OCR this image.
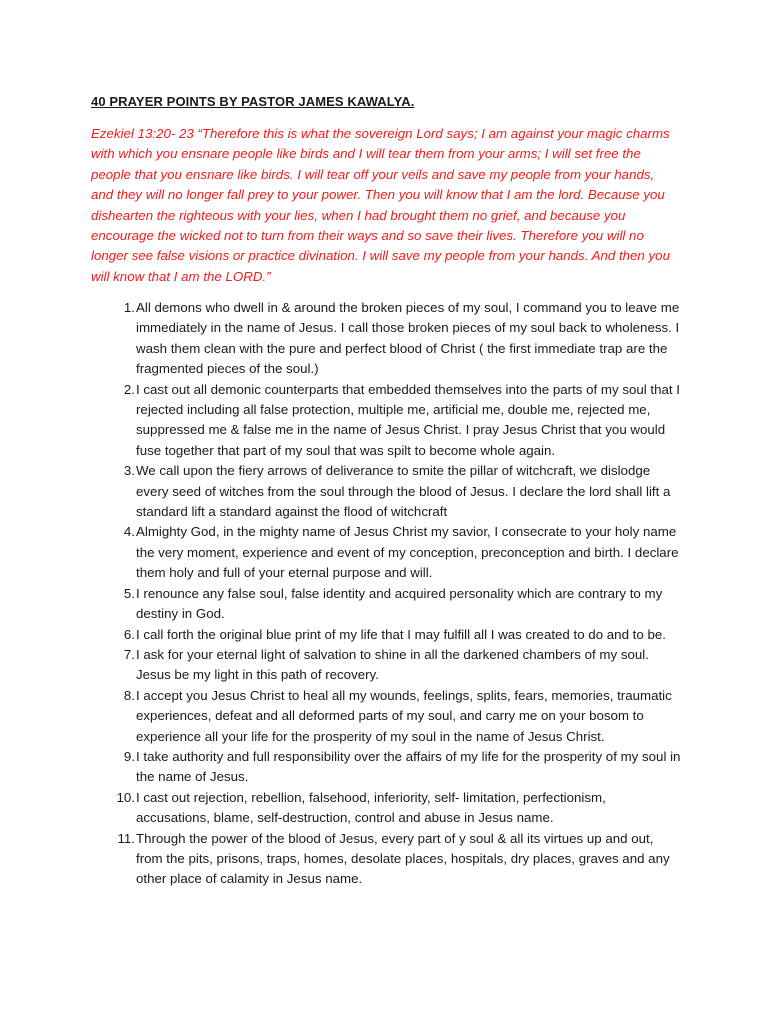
40 PRAYER POINTS BY PASTOR JAMES KAWALYA.
Ezekiel 13:20- 23 “Therefore this is what the sovereign Lord says; I am against your magic charms with which you ensnare people like birds and I will tear them from your arms; I will set free the people that you ensnare like birds. I will tear off your veils and save my people from your hands, and they will no longer fall prey to your power. Then you will know that I am the lord. Because you dishearten the righteous with your lies, when I had brought them no grief, and because you encourage the wicked not to turn from their ways and so save their lives. Therefore you will no longer see false visions or practice divination. I will save my people from your hands. And then you will know that I am the LORD.”
1. All demons who dwell in & around the broken pieces of my soul, I command you to leave me immediately in the name of Jesus. I call those broken pieces of my soul back to wholeness. I wash them clean with the pure and perfect blood of Christ ( the first immediate trap are the fragmented pieces of the soul.)
2. I cast out all demonic counterparts that embedded themselves into the parts of my soul that I rejected including all false protection, multiple me, artificial me, double me, rejected me, suppressed me & false me in the name of Jesus Christ. I pray Jesus Christ that you would fuse together that part of my soul that was spilt to become whole again.
3. We call upon the fiery arrows of deliverance to smite the pillar of witchcraft, we dislodge every seed of witches from the soul through the blood of Jesus. I declare the lord shall lift a standard lift a standard against the flood of witchcraft
4. Almighty God, in the mighty name of Jesus Christ my savior, I consecrate to your holy name the very moment, experience and event of my conception, preconception and birth. I declare them holy and full of your eternal purpose and will.
5. I renounce any false soul, false identity and acquired personality which are contrary to my destiny in God.
6. I call forth the original blue print of my life that I may fulfill all I was created to do and to be.
7. I ask for your eternal light of salvation to shine in all the darkened chambers of my soul. Jesus be my light in this path of recovery.
8. I accept you Jesus Christ to heal all my wounds, feelings, splits, fears, memories, traumatic experiences, defeat and all deformed parts of my soul, and carry me on your bosom to experience all your life for the prosperity of my soul in the name of Jesus Christ.
9. I take authority and full responsibility over the affairs of my life for the prosperity of my soul in the name of Jesus.
10. I cast out rejection, rebellion, falsehood, inferiority, self- limitation, perfectionism, accusations, blame, self-destruction, control and abuse in Jesus name.
11. Through the power of the blood of Jesus, every part of y soul & all its virtues up and out, from the pits, prisons, traps, homes, desolate places, hospitals, dry places, graves and any other place of calamity in Jesus name.
